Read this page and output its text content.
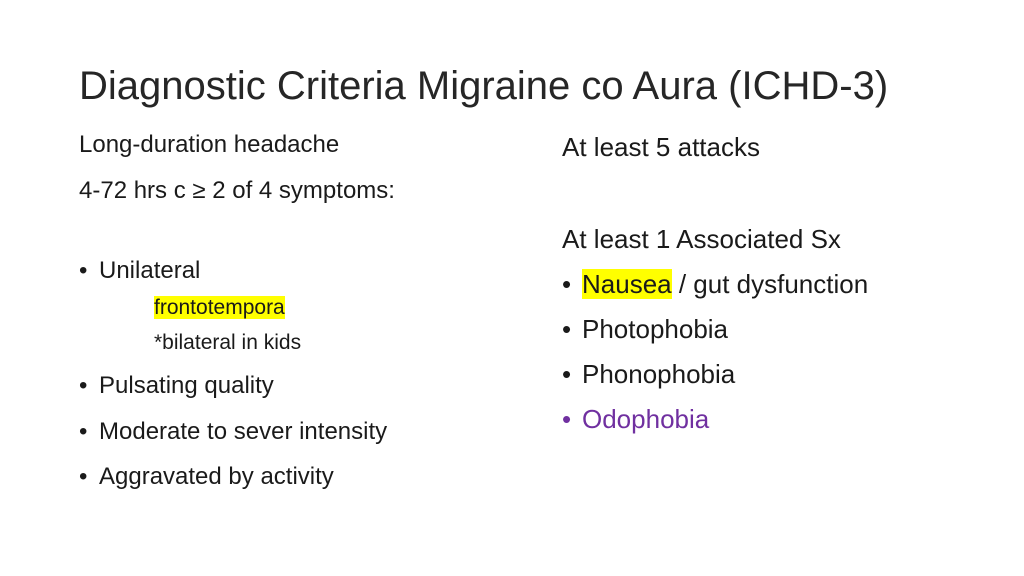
Diagnostic Criteria Migraine co Aura (ICHD-3)
Long-duration headache
4-72 hrs c ≥ 2 of 4 symptoms:
• Unilateral
frontotempora
*bilateral in kids
• Pulsating quality
• Moderate to sever intensity
• Aggravated by activity
At least 5 attacks
At least 1 Associated Sx
• Nausea / gut dysfunction
• Photophobia
• Phonophobia
• Odophobia
